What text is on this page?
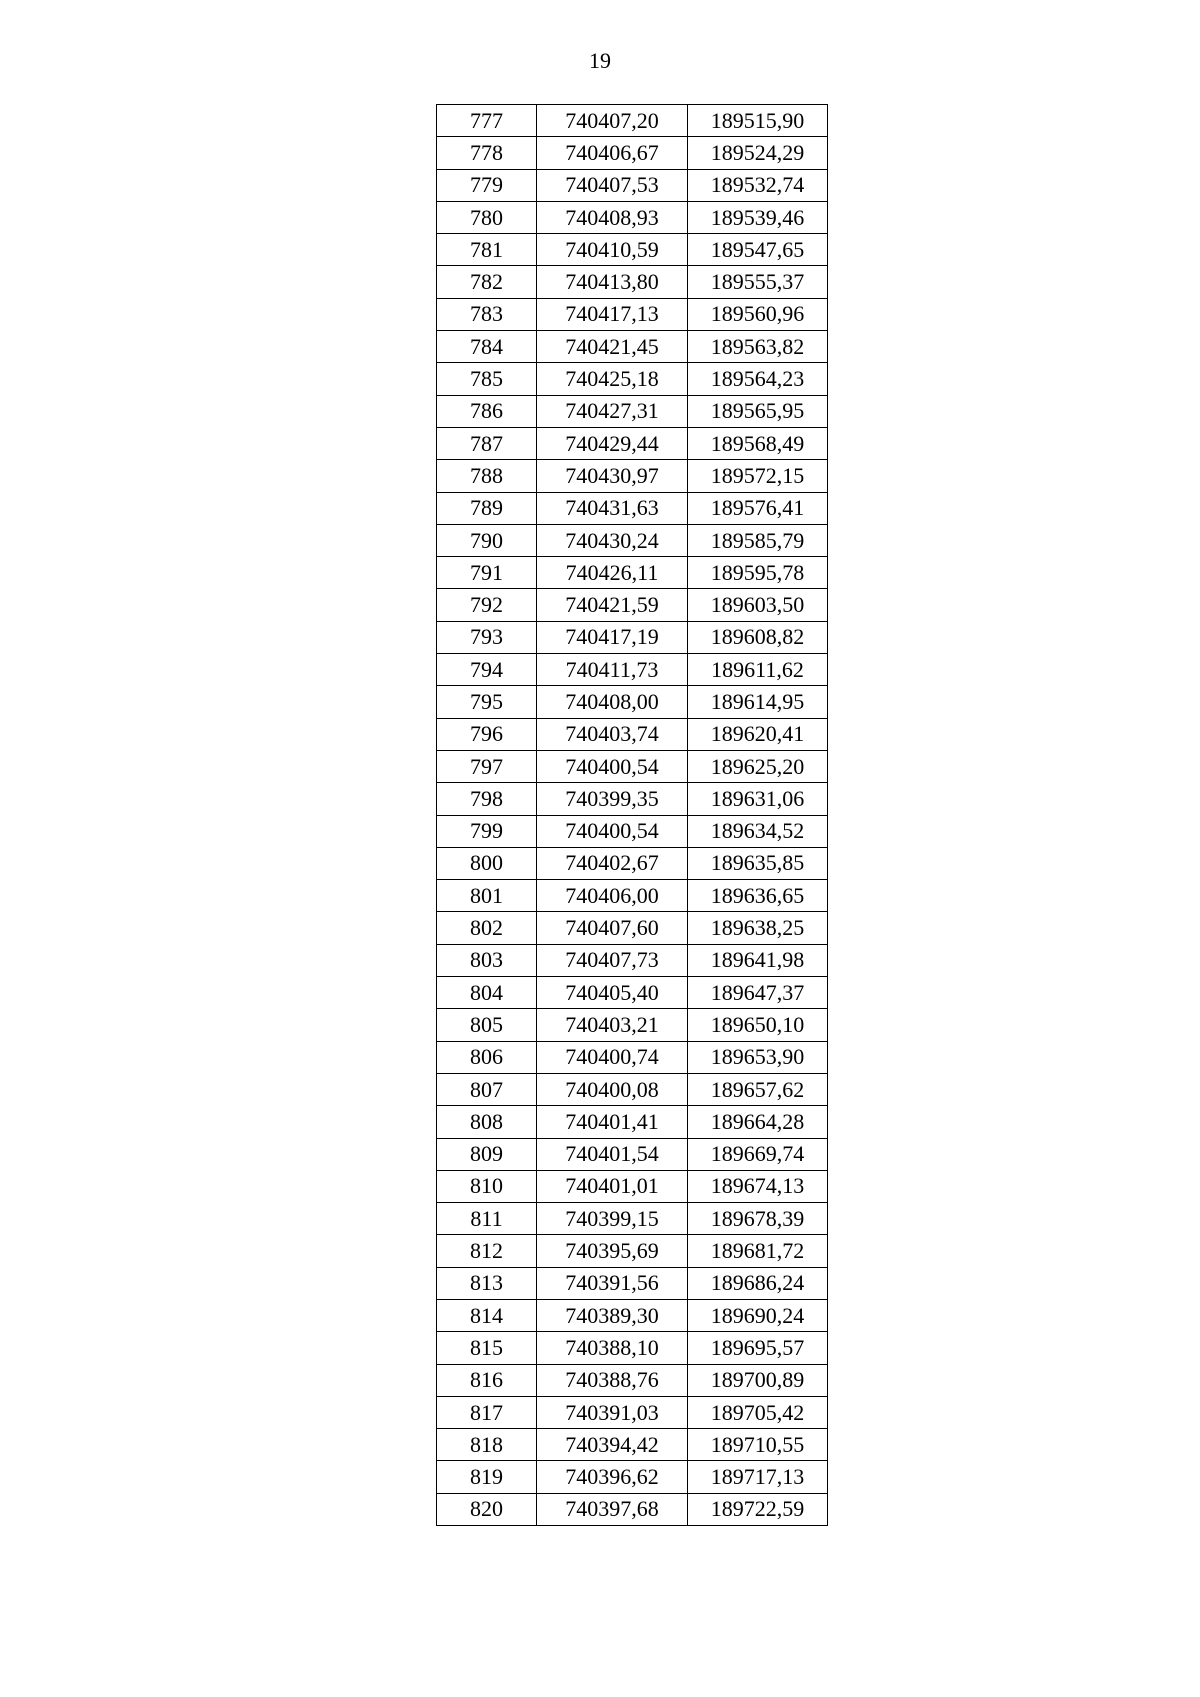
19
777	740407,20	189515,90
778	740406,67	189524,29
779	740407,53	189532,74
780	740408,93	189539,46
781	740410,59	189547,65
782	740413,80	189555,37
783	740417,13	189560,96
784	740421,45	189563,82
785	740425,18	189564,23
786	740427,31	189565,95
787	740429,44	189568,49
788	740430,97	189572,15
789	740431,63	189576,41
790	740430,24	189585,79
791	740426,11	189595,78
792	740421,59	189603,50
793	740417,19	189608,82
794	740411,73	189611,62
795	740408,00	189614,95
796	740403,74	189620,41
797	740400,54	189625,20
798	740399,35	189631,06
799	740400,54	189634,52
800	740402,67	189635,85
801	740406,00	189636,65
802	740407,60	189638,25
803	740407,73	189641,98
804	740405,40	189647,37
805	740403,21	189650,10
806	740400,74	189653,90
807	740400,08	189657,62
808	740401,41	189664,28
809	740401,54	189669,74
810	740401,01	189674,13
811	740399,15	189678,39
812	740395,69	189681,72
813	740391,56	189686,24
814	740389,30	189690,24
815	740388,10	189695,57
816	740388,76	189700,89
817	740391,03	189705,42
818	740394,42	189710,55
819	740396,62	189717,13
820	740397,68	189722,59
